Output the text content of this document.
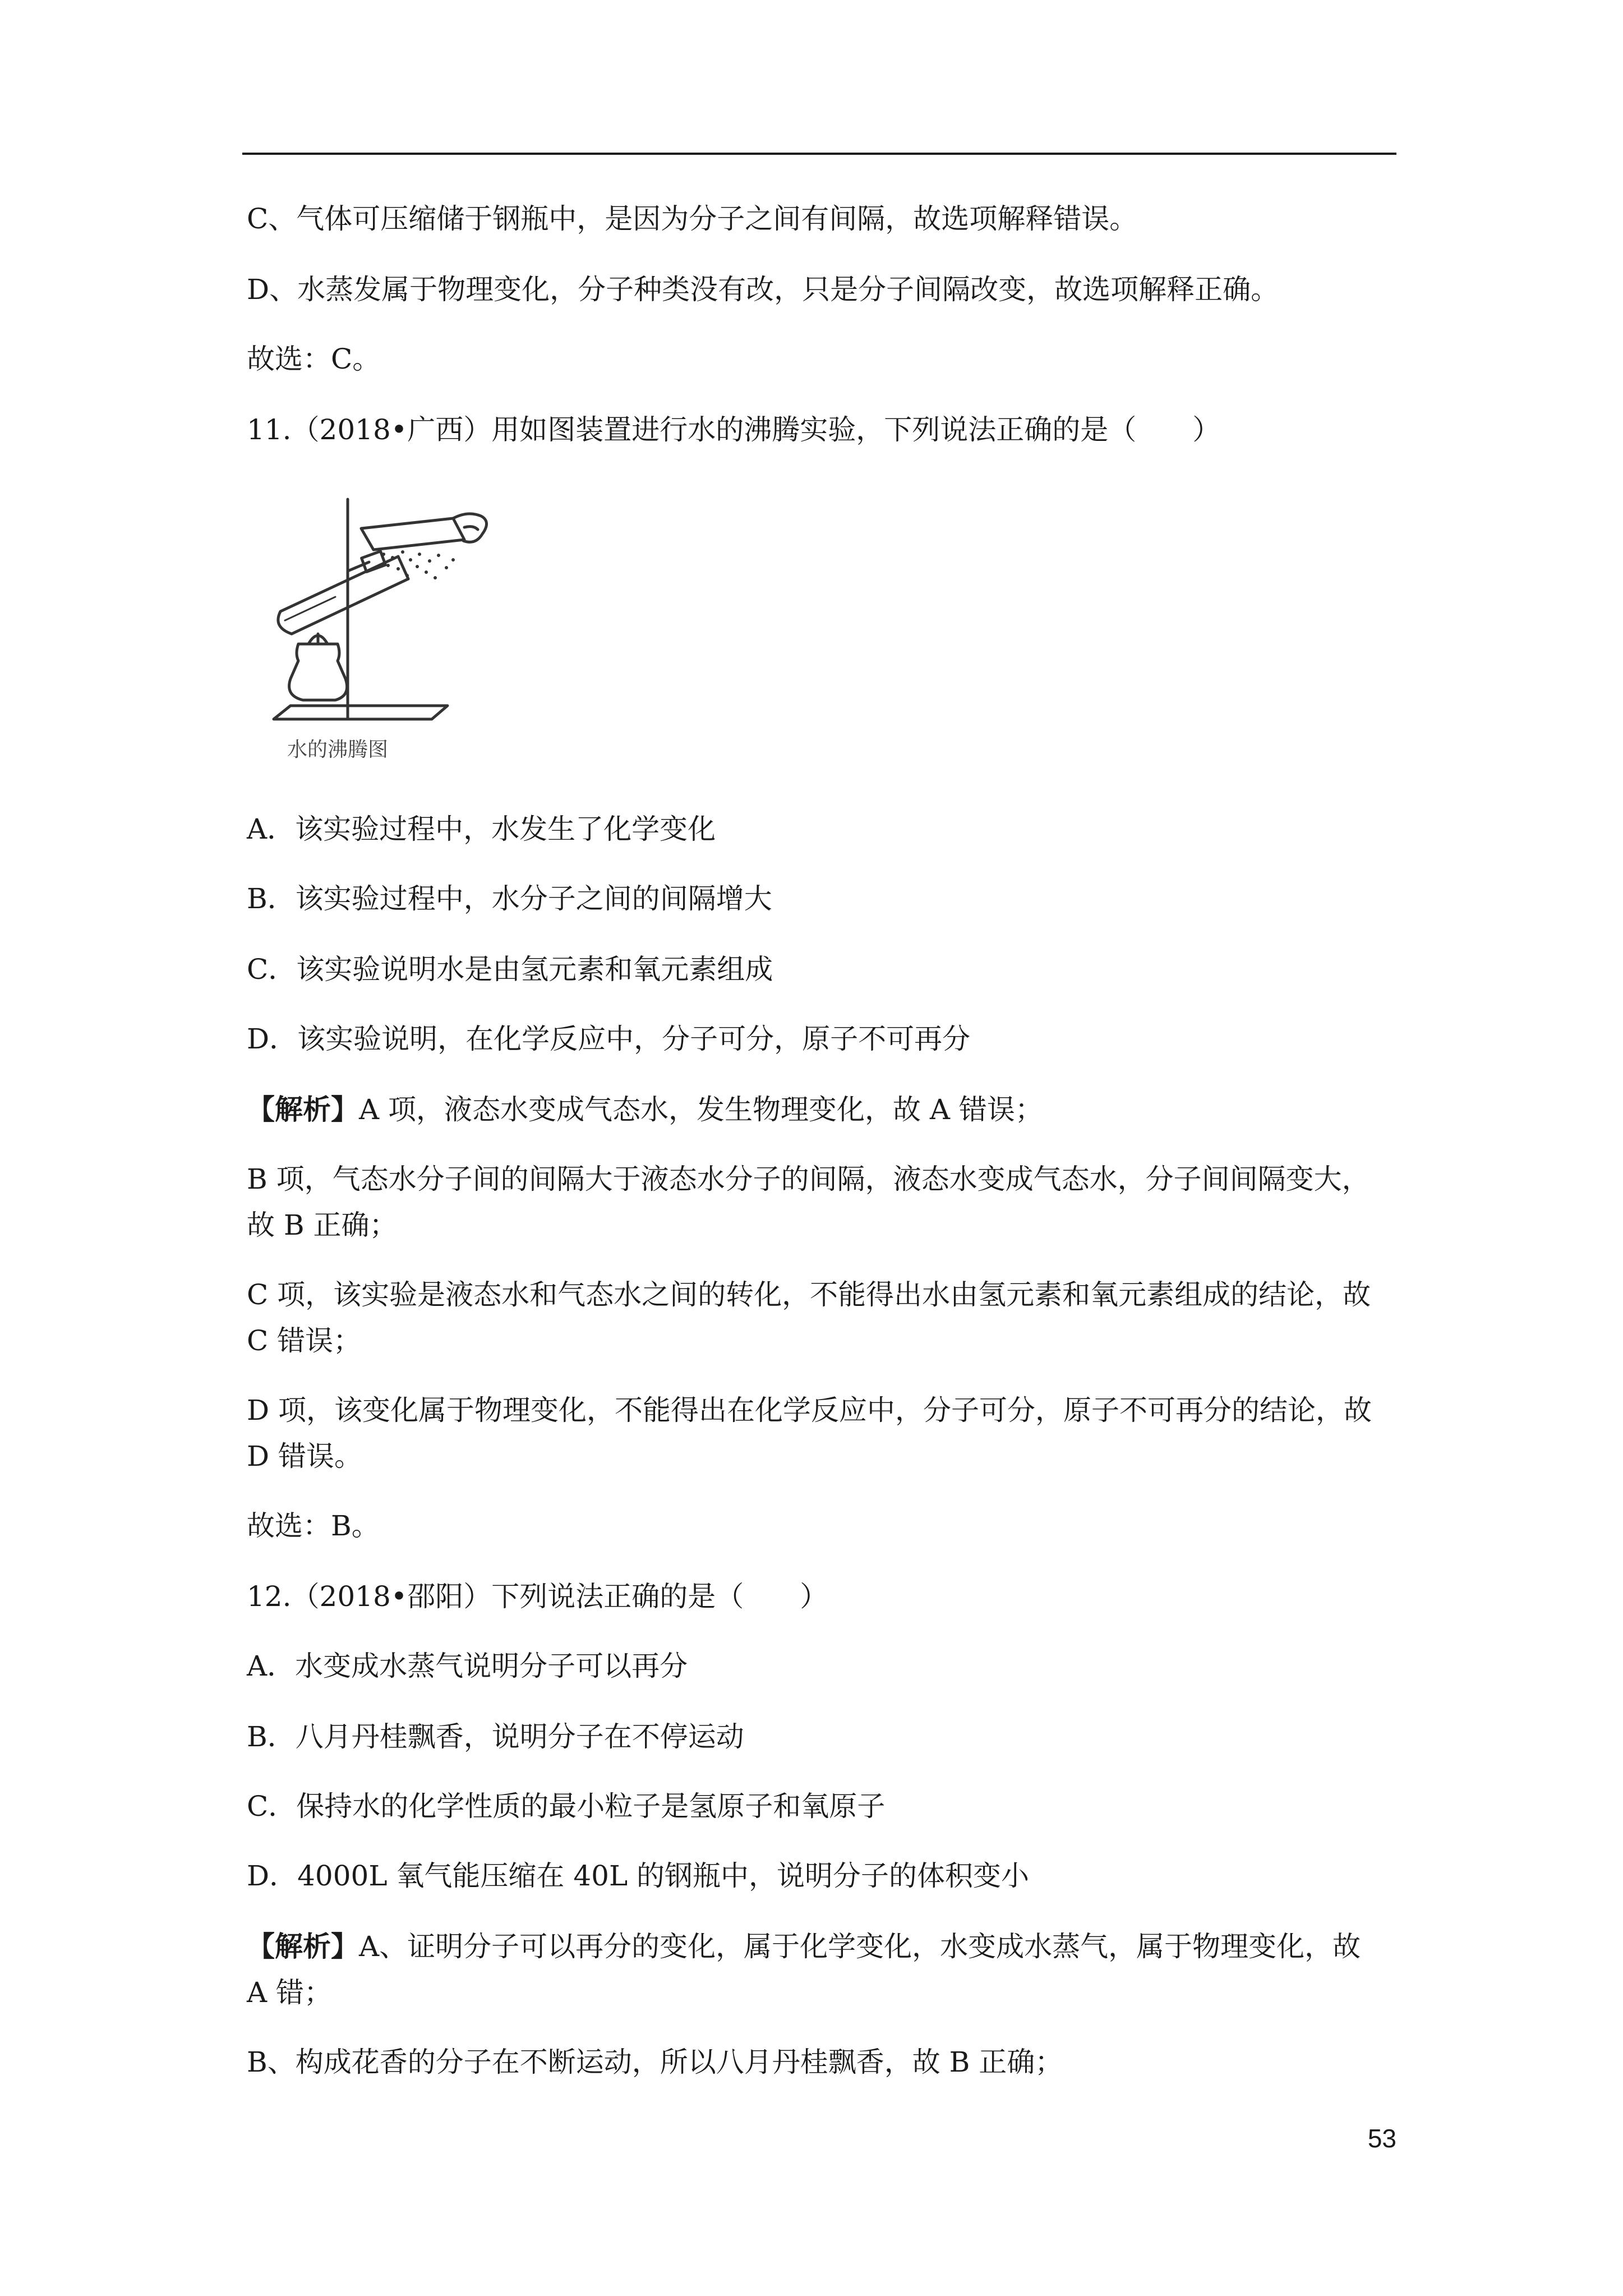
C、气体可压缩储于钢瓶中，是因为分子之间有间隔，故选项解释错误。

D、水蒸发属于物理变化，分子种类没有改，只是分子间隔改变，故选项解释正确。

故选：C。

11.（2018•广西）用如图装置进行水的沸腾实验，下列说法正确的是（　　）

水的沸腾图

A．该实验过程中，水发生了化学变化

B．该实验过程中，水分子之间的间隔增大

C．该实验说明水是由氢元素和氧元素组成

D．该实验说明，在化学反应中，分子可分，原子不可再分

【解析】A 项，液态水变成气态水，发生物理变化，故 A 错误；

B 项，气态水分子间的间隔大于液态水分子的间隔，液态水变成气态水，分子间间隔变大，

故 B 正确；

C 项，该实验是液态水和气态水之间的转化，不能得出水由氢元素和氧元素组成的结论，故

C 错误；

D 项，该变化属于物理变化，不能得出在化学反应中，分子可分，原子不可再分的结论，故

D 错误。

故选：B。

12.（2018•邵阳）下列说法正确的是（　　）

A．水变成水蒸气说明分子可以再分

B．八月丹桂飘香，说明分子在不停运动

C．保持水的化学性质的最小粒子是氢原子和氧原子

D．4000L 氧气能压缩在 40L 的钢瓶中，说明分子的体积变小

【解析】A、证明分子可以再分的变化，属于化学变化，水变成水蒸气，属于物理变化，故

A 错；

B、构成花香的分子在不断运动，所以八月丹桂飘香，故 B 正确；

53
